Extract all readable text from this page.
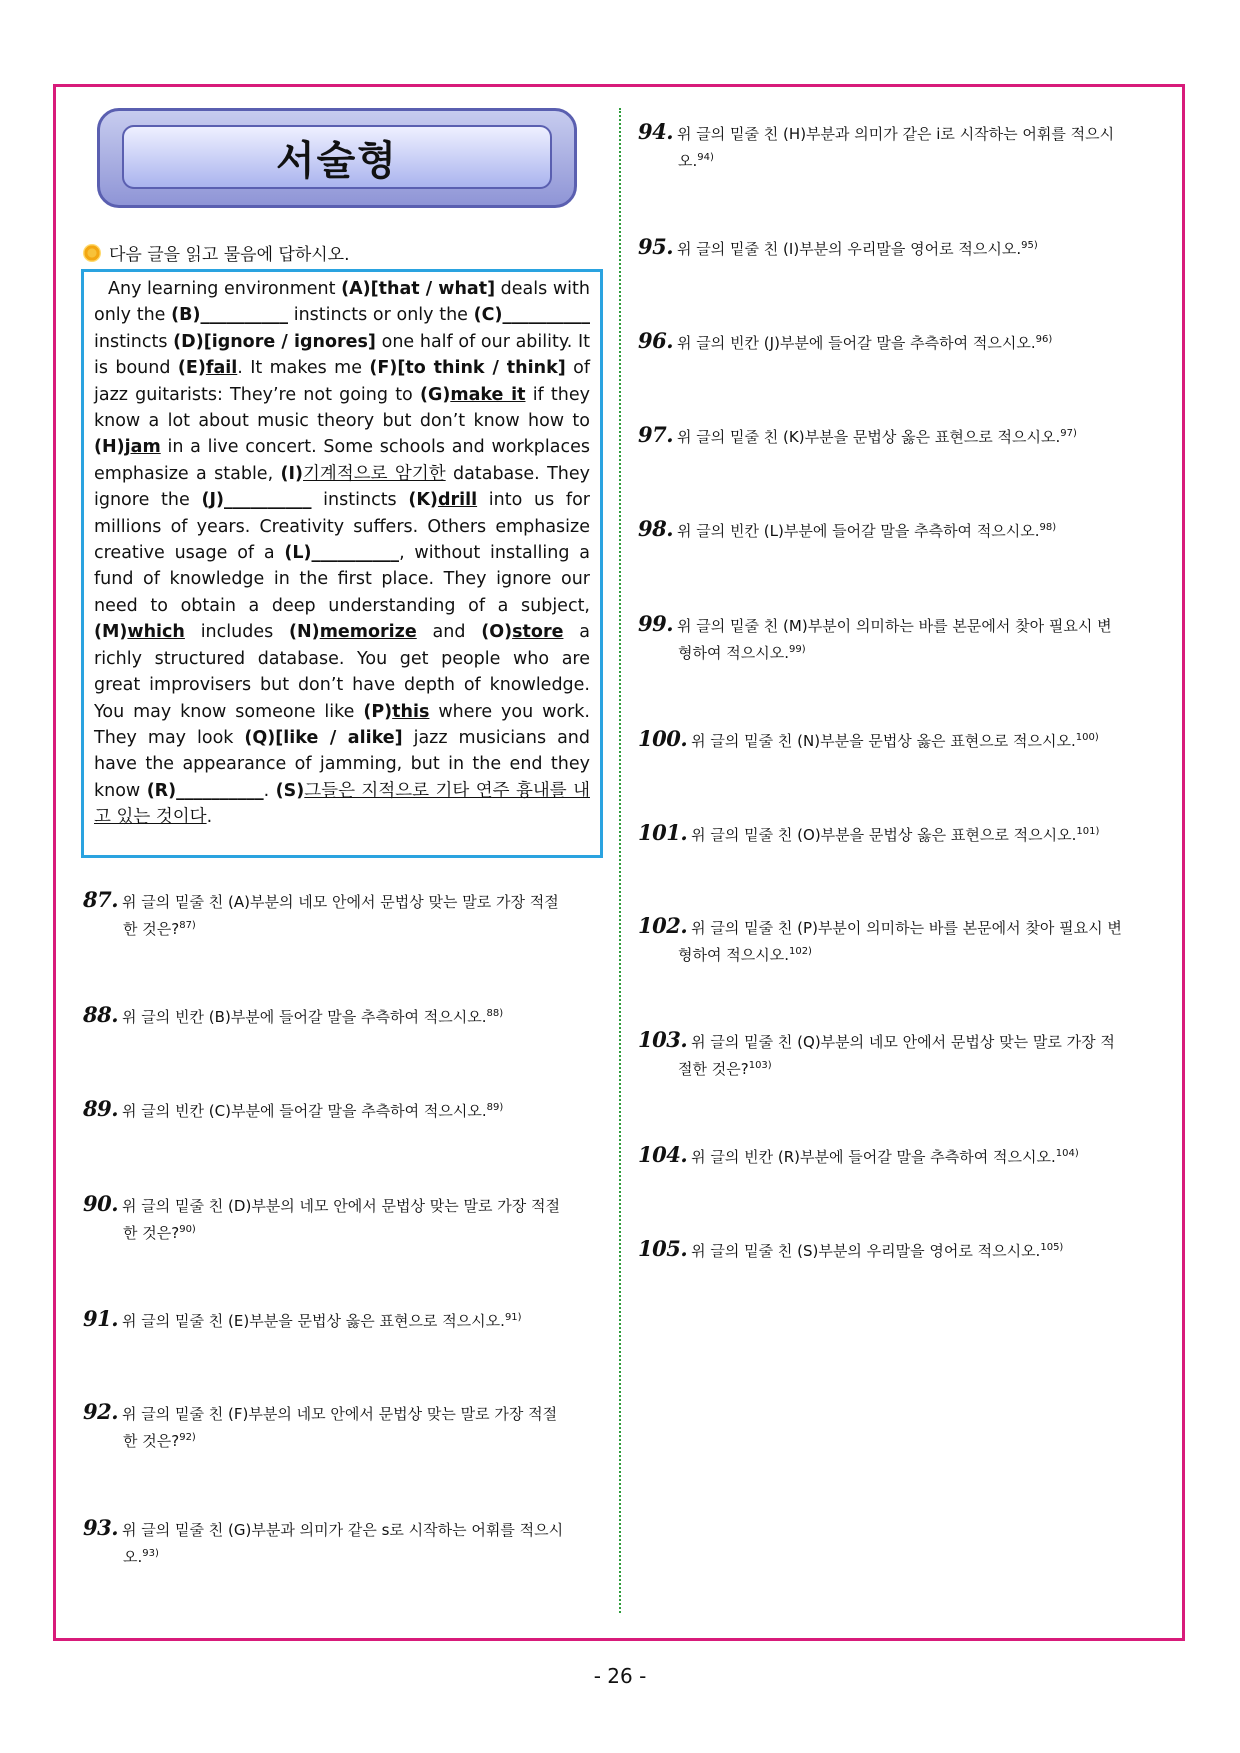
서술형
다음 글을 읽고 물음에 답하시오.

Any learning environment (A)[that / what] deals with only the (B)__________ instincts or only the (C)__________ instincts (D)[ignore / ignores] one half of our ability. It is bound (E)fail. It makes me (F)[to think / think] of jazz guitarists: They’re not going to (G)make it if they know a lot about music theory but don’t know how to (H)jam in a live concert. Some schools and workplaces emphasize a stable, (I)기계적으로 암기한 database. They ignore the (J)__________ instincts (K)drill into us for millions of years. Creativity suffers. Others emphasize creative usage of a (L)__________, without installing a fund of knowledge in the first place. They ignore our need to obtain a deep understanding of a subject, (M)which includes (N)memorize and (O)store a richly structured database. You get people who are great improvisers but don’t have depth of knowledge. You may know someone like (P)this where you work. They may look (Q)[like / alike] jazz musicians and have the appearance of jamming, but in the end they know (R)__________. (S)그들은 지적으로 기타 연주 흉내를 내고 있는 것이다.

87. 위 글의 밑줄 친 (A)부분의 네모 안에서 문법상 맞는 말로 가장 적절
한 것은?$^{87)}$
88. 위 글의 빈칸 (B)부분에 들어갈 말을 추측하여 적으시오.$^{88)}$
89. 위 글의 빈칸 (C)부분에 들어갈 말을 추측하여 적으시오.$^{89)}$
90. 위 글의 밑줄 친 (D)부분의 네모 안에서 문법상 맞는 말로 가장 적절
한 것은?$^{90)}$
91. 위 글의 밑줄 친 (E)부분을 문법상 옳은 표현으로 적으시오.$^{91)}$
92. 위 글의 밑줄 친 (F)부분의 네모 안에서 문법상 맞는 말로 가장 적절
한 것은?$^{92)}$
93. 위 글의 밑줄 친 (G)부분과 의미가 같은 s로 시작하는 어휘를 적으시
오.$^{93)}$
94. 위 글의 밑줄 친 (H)부분과 의미가 같은 i로 시작하는 어휘를 적으시
오.$^{94)}$
95. 위 글의 밑줄 친 (I)부분의 우리말을 영어로 적으시오.$^{95)}$
96. 위 글의 빈칸 (J)부분에 들어갈 말을 추측하여 적으시오.$^{96)}$
97. 위 글의 밑줄 친 (K)부분을 문법상 옳은 표현으로 적으시오.$^{97)}$
98. 위 글의 빈칸 (L)부분에 들어갈 말을 추측하여 적으시오.$^{98)}$
99. 위 글의 밑줄 친 (M)부분이 의미하는 바를 본문에서 찾아 필요시 변
형하여 적으시오.$^{99)}$
100. 위 글의 밑줄 친 (N)부분을 문법상 옳은 표현으로 적으시오.$^{100)}$
101. 위 글의 밑줄 친 (O)부분을 문법상 옳은 표현으로 적으시오.$^{101)}$
102. 위 글의 밑줄 친 (P)부분이 의미하는 바를 본문에서 찾아 필요시 변
형하여 적으시오.$^{102)}$
103. 위 글의 밑줄 친 (Q)부분의 네모 안에서 문법상 맞는 말로 가장 적
절한 것은?$^{103)}$
104. 위 글의 빈칸 (R)부분에 들어갈 말을 추측하여 적으시오.$^{104)}$
105. 위 글의 밑줄 친 (S)부분의 우리말을 영어로 적으시오.$^{105)}$
- 26 -
